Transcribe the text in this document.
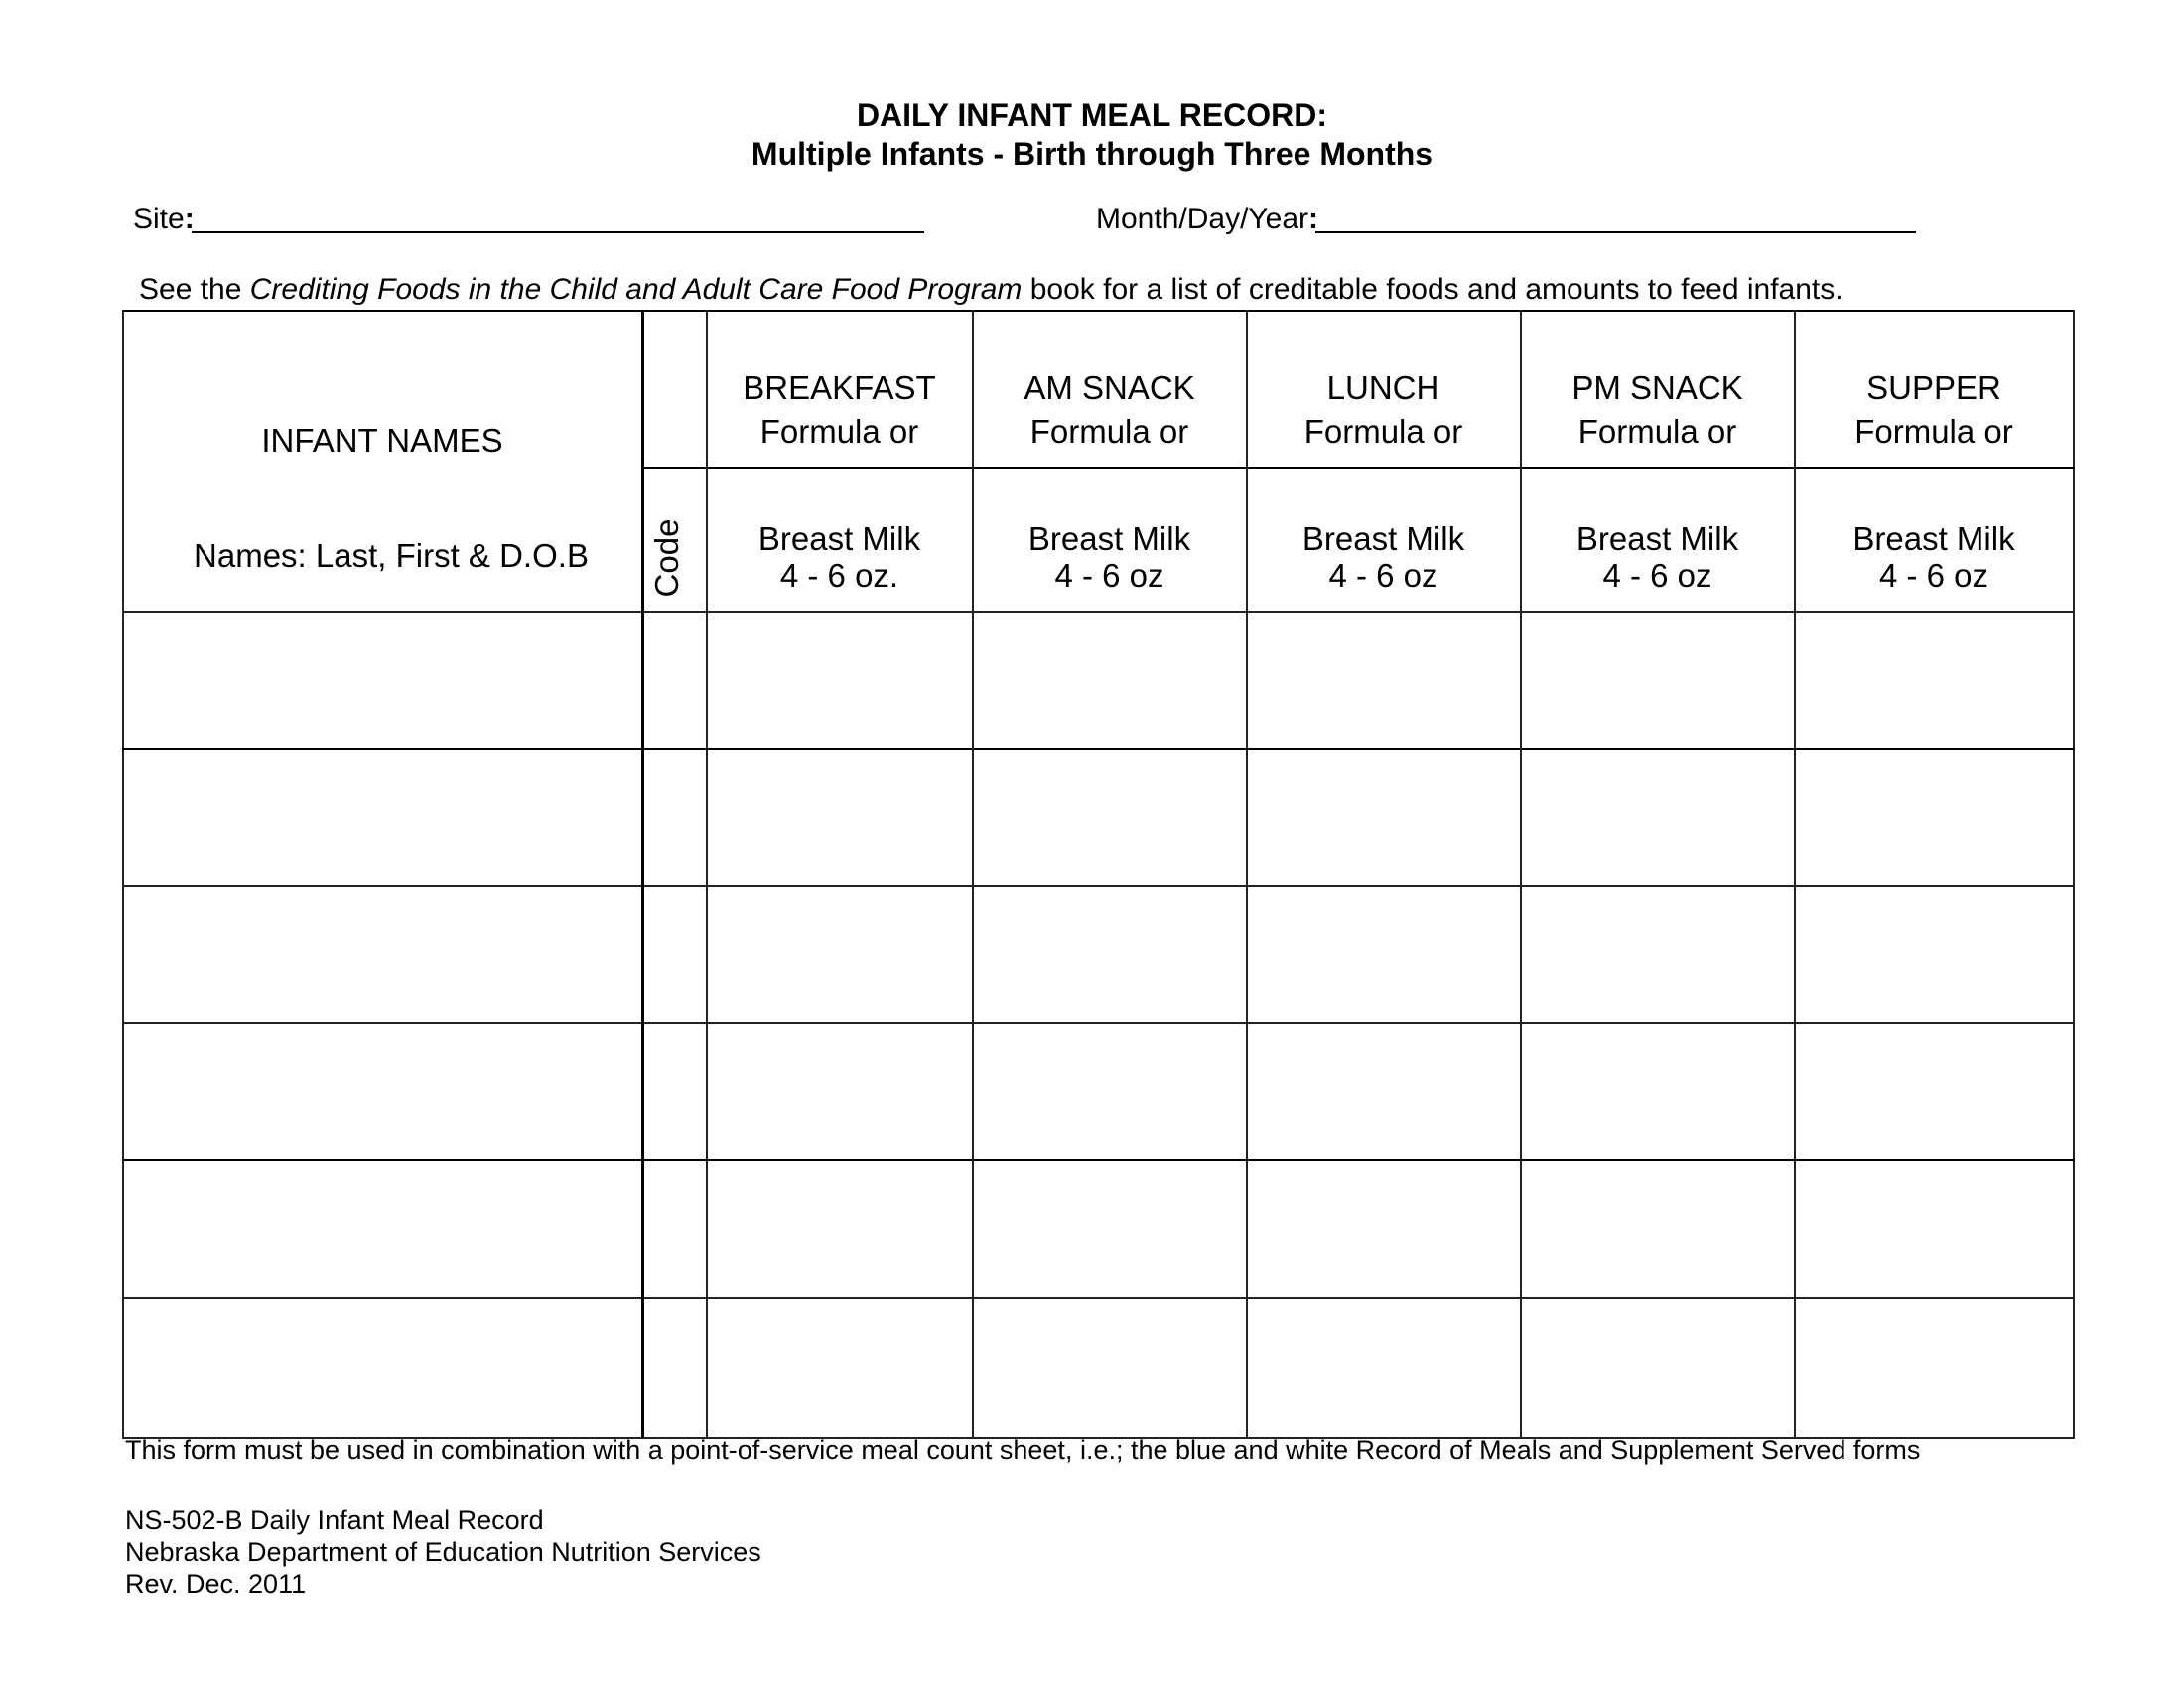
DAILY INFANT MEAL RECORD:
Multiple Infants - Birth through Three Months
Site:	Month/Day/Year:
See the Crediting Foods in the Child and Adult Care Food Program book for a list of creditable foods and amounts to feed infants.
INFANT NAMES
Names: Last, First & D.O.B	Code
BREAKFAST
Formula or
Breast Milk
4 - 6 oz.
AM SNACK
Formula or
Breast Milk
4 - 6 oz
LUNCH
Formula or
Breast Milk
4 - 6 oz
PM SNACK
Formula or
Breast Milk
4 - 6 oz
SUPPER
Formula or
Breast Milk
4 - 6 oz
This form must be used in combination with a point-of-service meal count sheet, i.e.; the blue and white Record of Meals and Supplement Served forms
NS-502-B Daily Infant Meal Record
Nebraska Department of Education Nutrition Services
Rev. Dec. 2011
